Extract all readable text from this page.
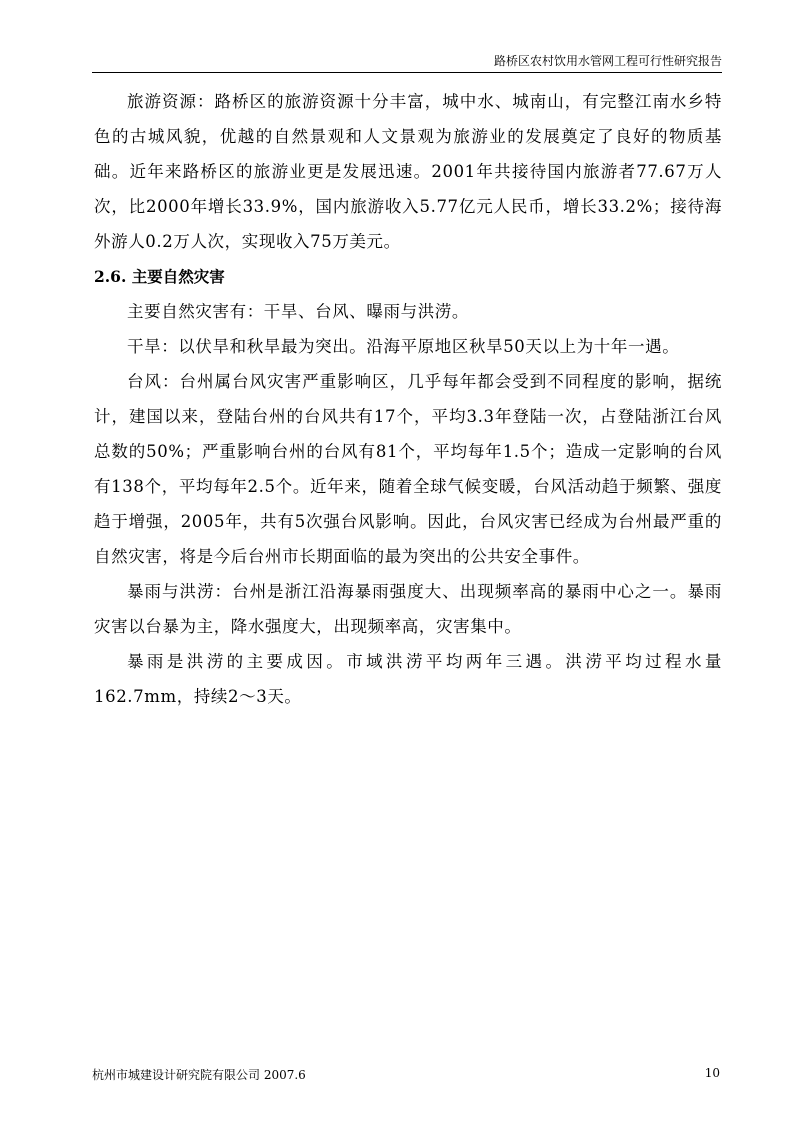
路桥区农村饮用水管网工程可行性研究报告

旅游资源：路桥区的旅游资源十分丰富，城中水、城南山，有完整江南水乡特色的古城风貌，优越的自然景观和人文景观为旅游业的发展奠定了良好的物质基础。近年来路桥区的旅游业更是发展迅速。2001年共接待国内旅游者77.67万人次，比2000年增长33.9%，国内旅游收入5.77亿元人民币，增长33.2%；接待海外游人0.2万人次，实现收入75万美元。

2.6. 主要自然灾害

主要自然灾害有：干旱、台风、曝雨与洪涝。

干旱：以伏旱和秋旱最为突出。沿海平原地区秋旱50天以上为十年一遇。

台风：台州属台风灾害严重影响区，几乎每年都会受到不同程度的影响，据统计，建国以来，登陆台州的台风共有17个，平均3.3年登陆一次，占登陆浙江台风总数的50%；严重影响台州的台风有81个，平均每年1.5个；造成一定影响的台风有138个，平均每年2.5个。近年来，随着全球气候变暖，台风活动趋于频繁、强度趋于增强，2005年，共有5次强台风影响。因此，台风灾害已经成为台州最严重的自然灾害，将是今后台州市长期面临的最为突出的公共安全事件。

暴雨与洪涝：台州是浙江沿海暴雨强度大、出现频率高的暴雨中心之一。暴雨灾害以台暴为主，降水强度大，出现频率高，灾害集中。

暴雨是洪涝的主要成因。市域洪涝平均两年三遇。洪涝平均过程水量162.7mm，持续2～3天。

杭州市城建设计研究院有限公司 2007.6	10
